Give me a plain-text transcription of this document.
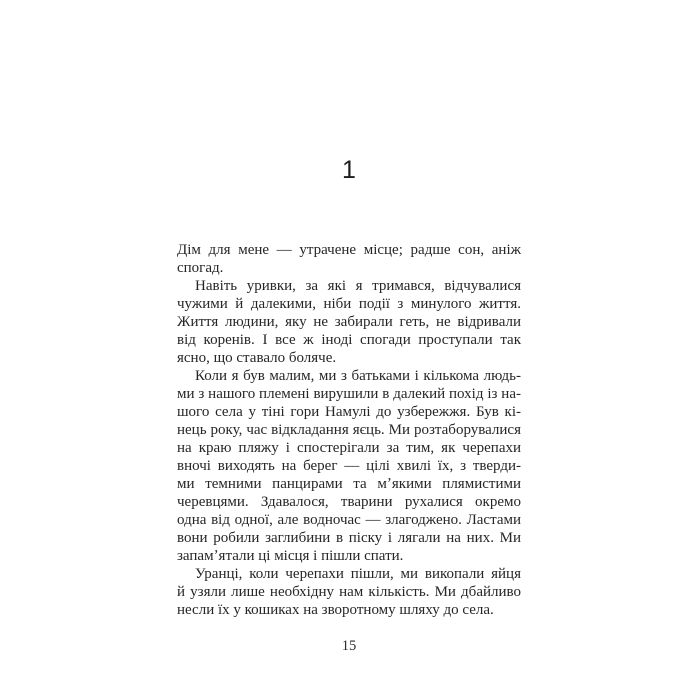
1
Дім для мене — утрачене місце; радше сон, аніж
спогад.
Навіть уривки, за які я тримався, відчувалися
чужими й далекими, ніби події з минулого життя.
Життя людини, яку не забирали геть, не відривали
від коренів. І все ж іноді спогади проступали так
ясно, що ставало боляче.
Коли я був малим, ми з батьками і кількома людь-
ми з нашого племені вирушили в далекий похід із на-
шого села у тіні гори Намулі до узбережжя. Був кі-
нець року, час відкладання яєць. Ми розтаборувалися
на краю пляжу і спостерігали за тим, як черепахи
вночі виходять на берег — цілі хвилі їх, з тверди-
ми темними панцирами та мʼякими плямистими
черевцями. Здавалося, тварини рухалися окремо
одна від одної, але водночас — злагоджено. Ластами
вони робили заглибини в піску і лягали на них. Ми
запамʼятали ці місця і пішли спати.
Уранці, коли черепахи пішли, ми викопали яйця
й узяли лише необхідну нам кількість. Ми дбайливо
несли їх у кошиках на зворотному шляху до села.
15
